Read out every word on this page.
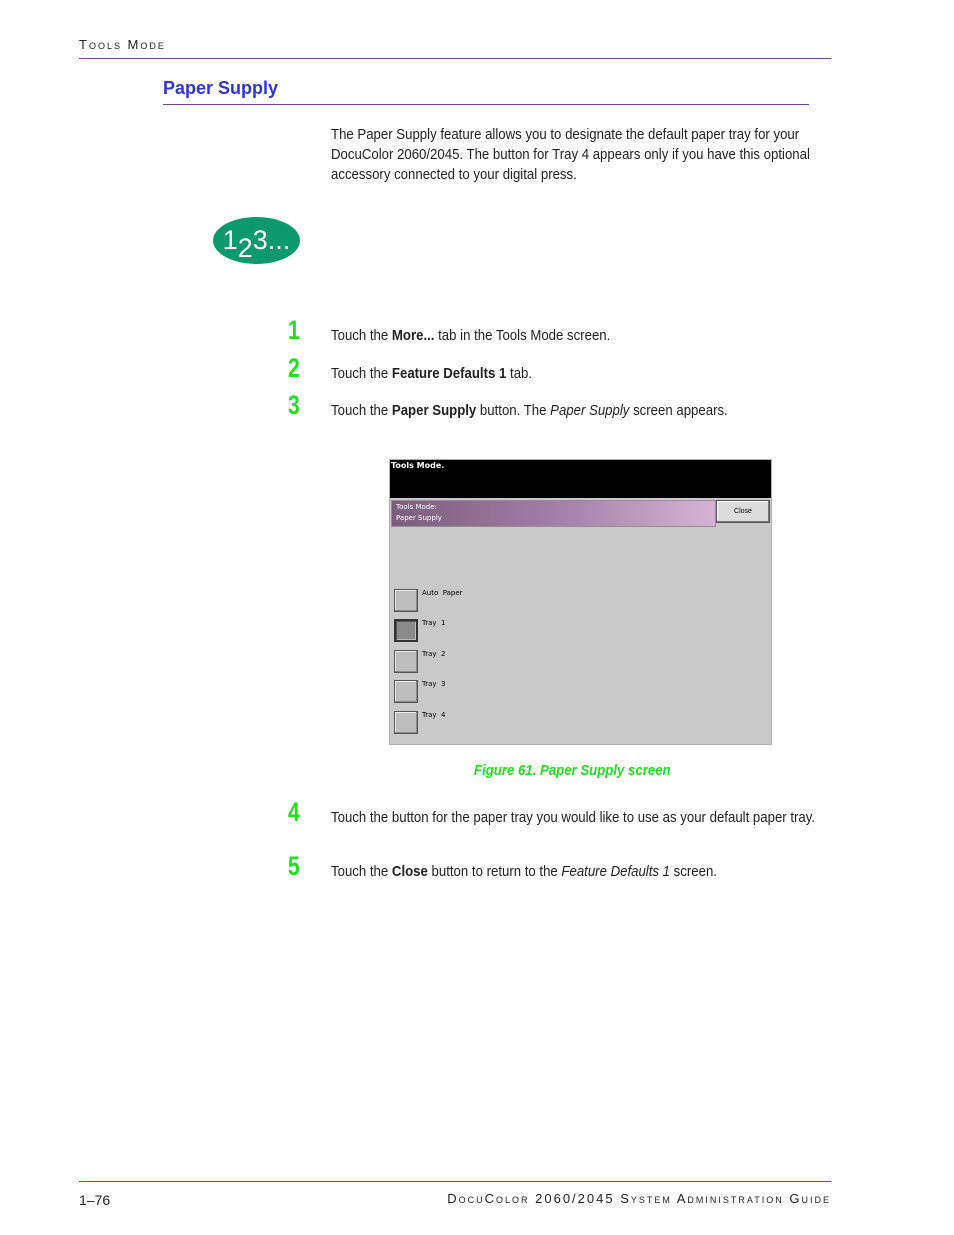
Tools Mode
Paper Supply
The Paper Supply feature allows you to designate the default paper tray for your DocuColor 2060/2045. The button for Tray 4 appears only if you have this optional accessory connected to your digital press.
1 2 3...
1	Touch the More... tab in the Tools Mode screen.
2	Touch the Feature Defaults 1 tab.
3	Touch the Paper Supply button. The Paper Supply screen appears.
Tools Mode.
Tools Mode:
Paper Supply
Close
Auto  Paper
Tray  1
Tray  2
Tray  3
Tray  4
Figure 61. Paper Supply screen
4	Touch the button for the paper tray you would like to use as your default paper tray.
5	Touch the Close button to return to the Feature Defaults 1 screen.
1–76	DocuColor 2060/2045 System Administration Guide
